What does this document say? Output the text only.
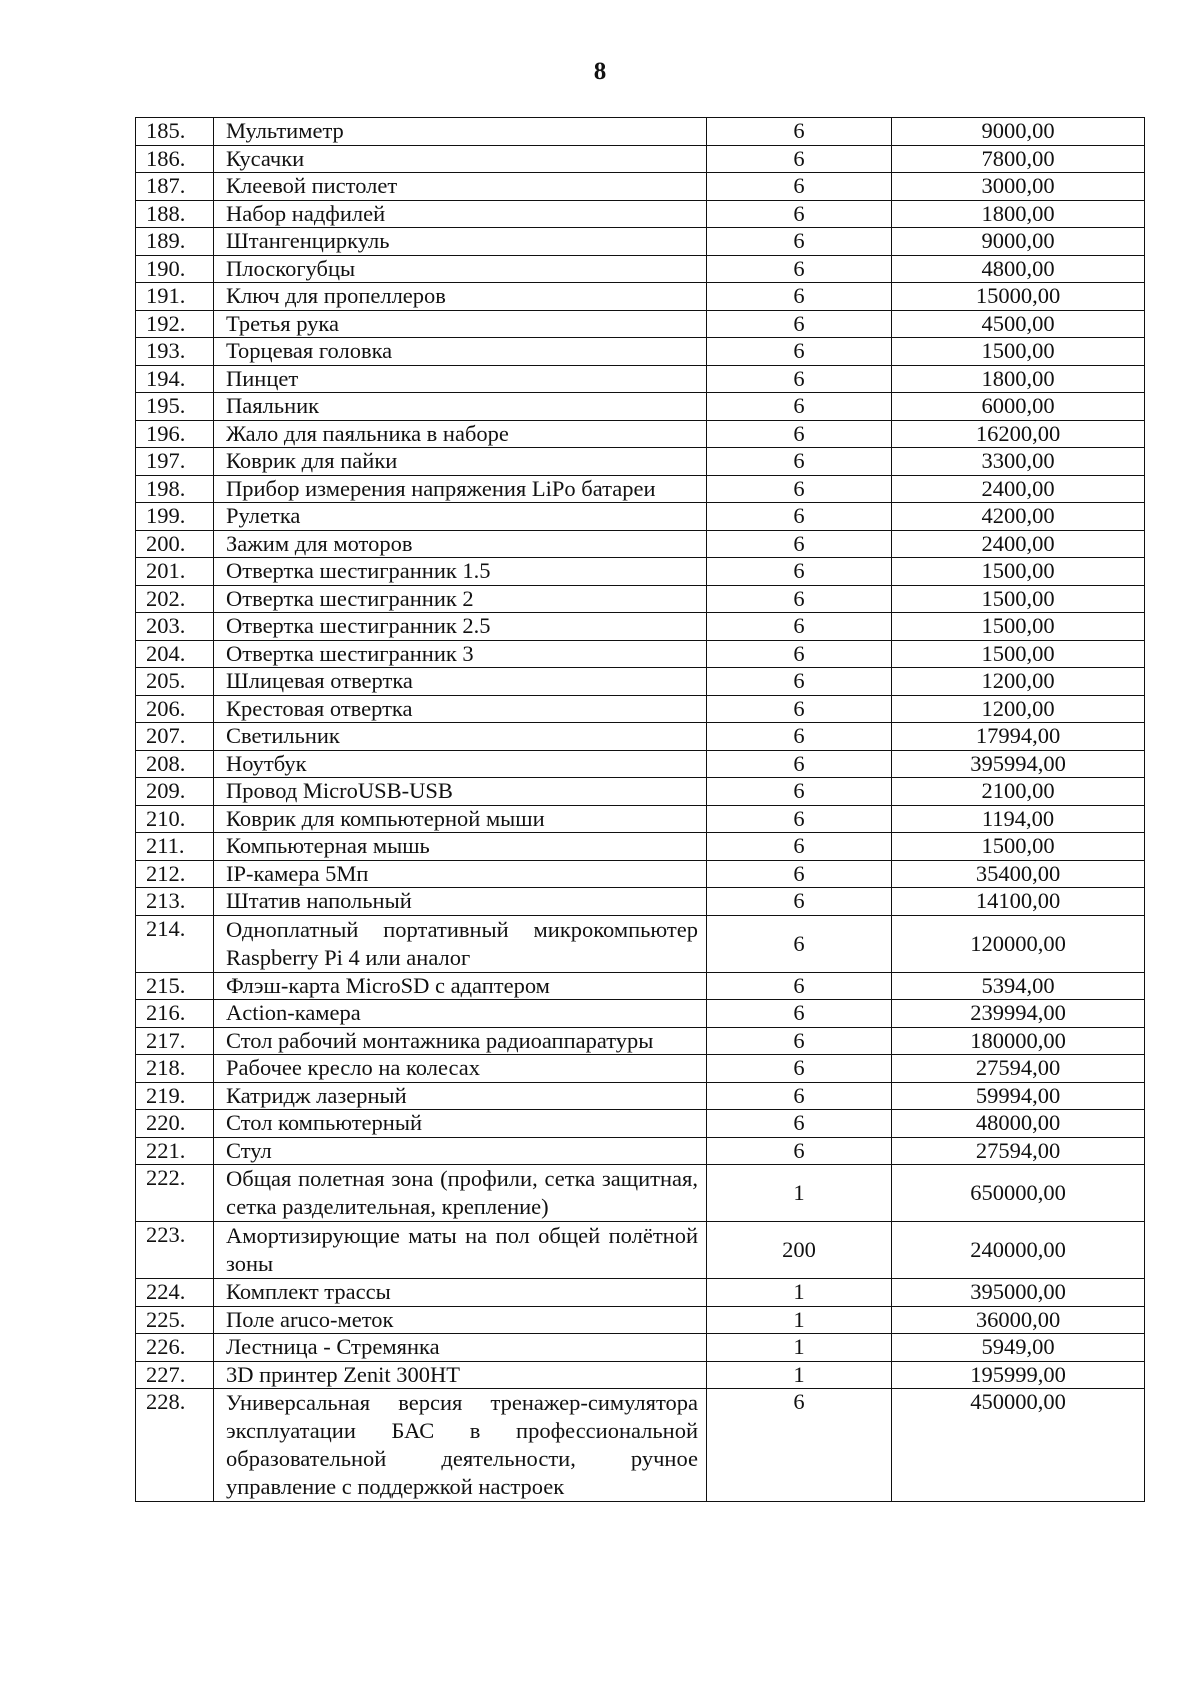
8
185.	Мультиметр	6	9000,00
186.	Кусачки	6	7800,00
187.	Клеевой пистолет	6	3000,00
188.	Набор надфилей	6	1800,00
189.	Штангенциркуль	6	9000,00
190.	Плоскогубцы	6	4800,00
191.	Ключ для пропеллеров	6	15000,00
192.	Третья рука	6	4500,00
193.	Торцевая головка	6	1500,00
194.	Пинцет	6	1800,00
195.	Паяльник	6	6000,00
196.	Жало для паяльника в наборе	6	16200,00
197.	Коврик для пайки	6	3300,00
198.	Прибор измерения напряжения LiPo батареи	6	2400,00
199.	Рулетка	6	4200,00
200.	Зажим для моторов	6	2400,00
201.	Отвертка шестигранник 1.5	6	1500,00
202.	Отвертка шестигранник 2	6	1500,00
203.	Отвертка шестигранник 2.5	6	1500,00
204.	Отвертка шестигранник 3	6	1500,00
205.	Шлицевая отвертка	6	1200,00
206.	Крестовая отвертка	6	1200,00
207.	Светильник	6	17994,00
208.	Ноутбук	6	395994,00
209.	Провод MicroUSB-USB	6	2100,00
210.	Коврик для компьютерной мыши	6	1194,00
211.	Компьютерная мышь	6	1500,00
212.	IP-камера 5Мп	6	35400,00
213.	Штатив напольный	6	14100,00
214.	Одноплатный портативный микрокомпьютер Raspberry Pi 4 или аналог	6	120000,00
215.	Флэш-карта MicroSD с адаптером	6	5394,00
216.	Action-камера	6	239994,00
217.	Стол рабочий монтажника радиоаппаратуры	6	180000,00
218.	Рабочее кресло на колесах	6	27594,00
219.	Катридж лазерный	6	59994,00
220.	Стол компьютерный	6	48000,00
221.	Стул	6	27594,00
222.	Общая полетная зона (профили, сетка защитная, сетка разделительная, крепление)	1	650000,00
223.	Амортизирующие маты на пол общей полётной зоны	200	240000,00
224.	Комплект трассы	1	395000,00
225.	Поле aruco-меток	1	36000,00
226.	Лестница - Стремянка	1	5949,00
227.	3D принтер Zenit 300HT	1	195999,00
228.	Универсальная версия тренажер-симулятора эксплуатации БАС в профессиональной образовательной деятельности, ручное управление с поддержкой настроек	6	450000,00
